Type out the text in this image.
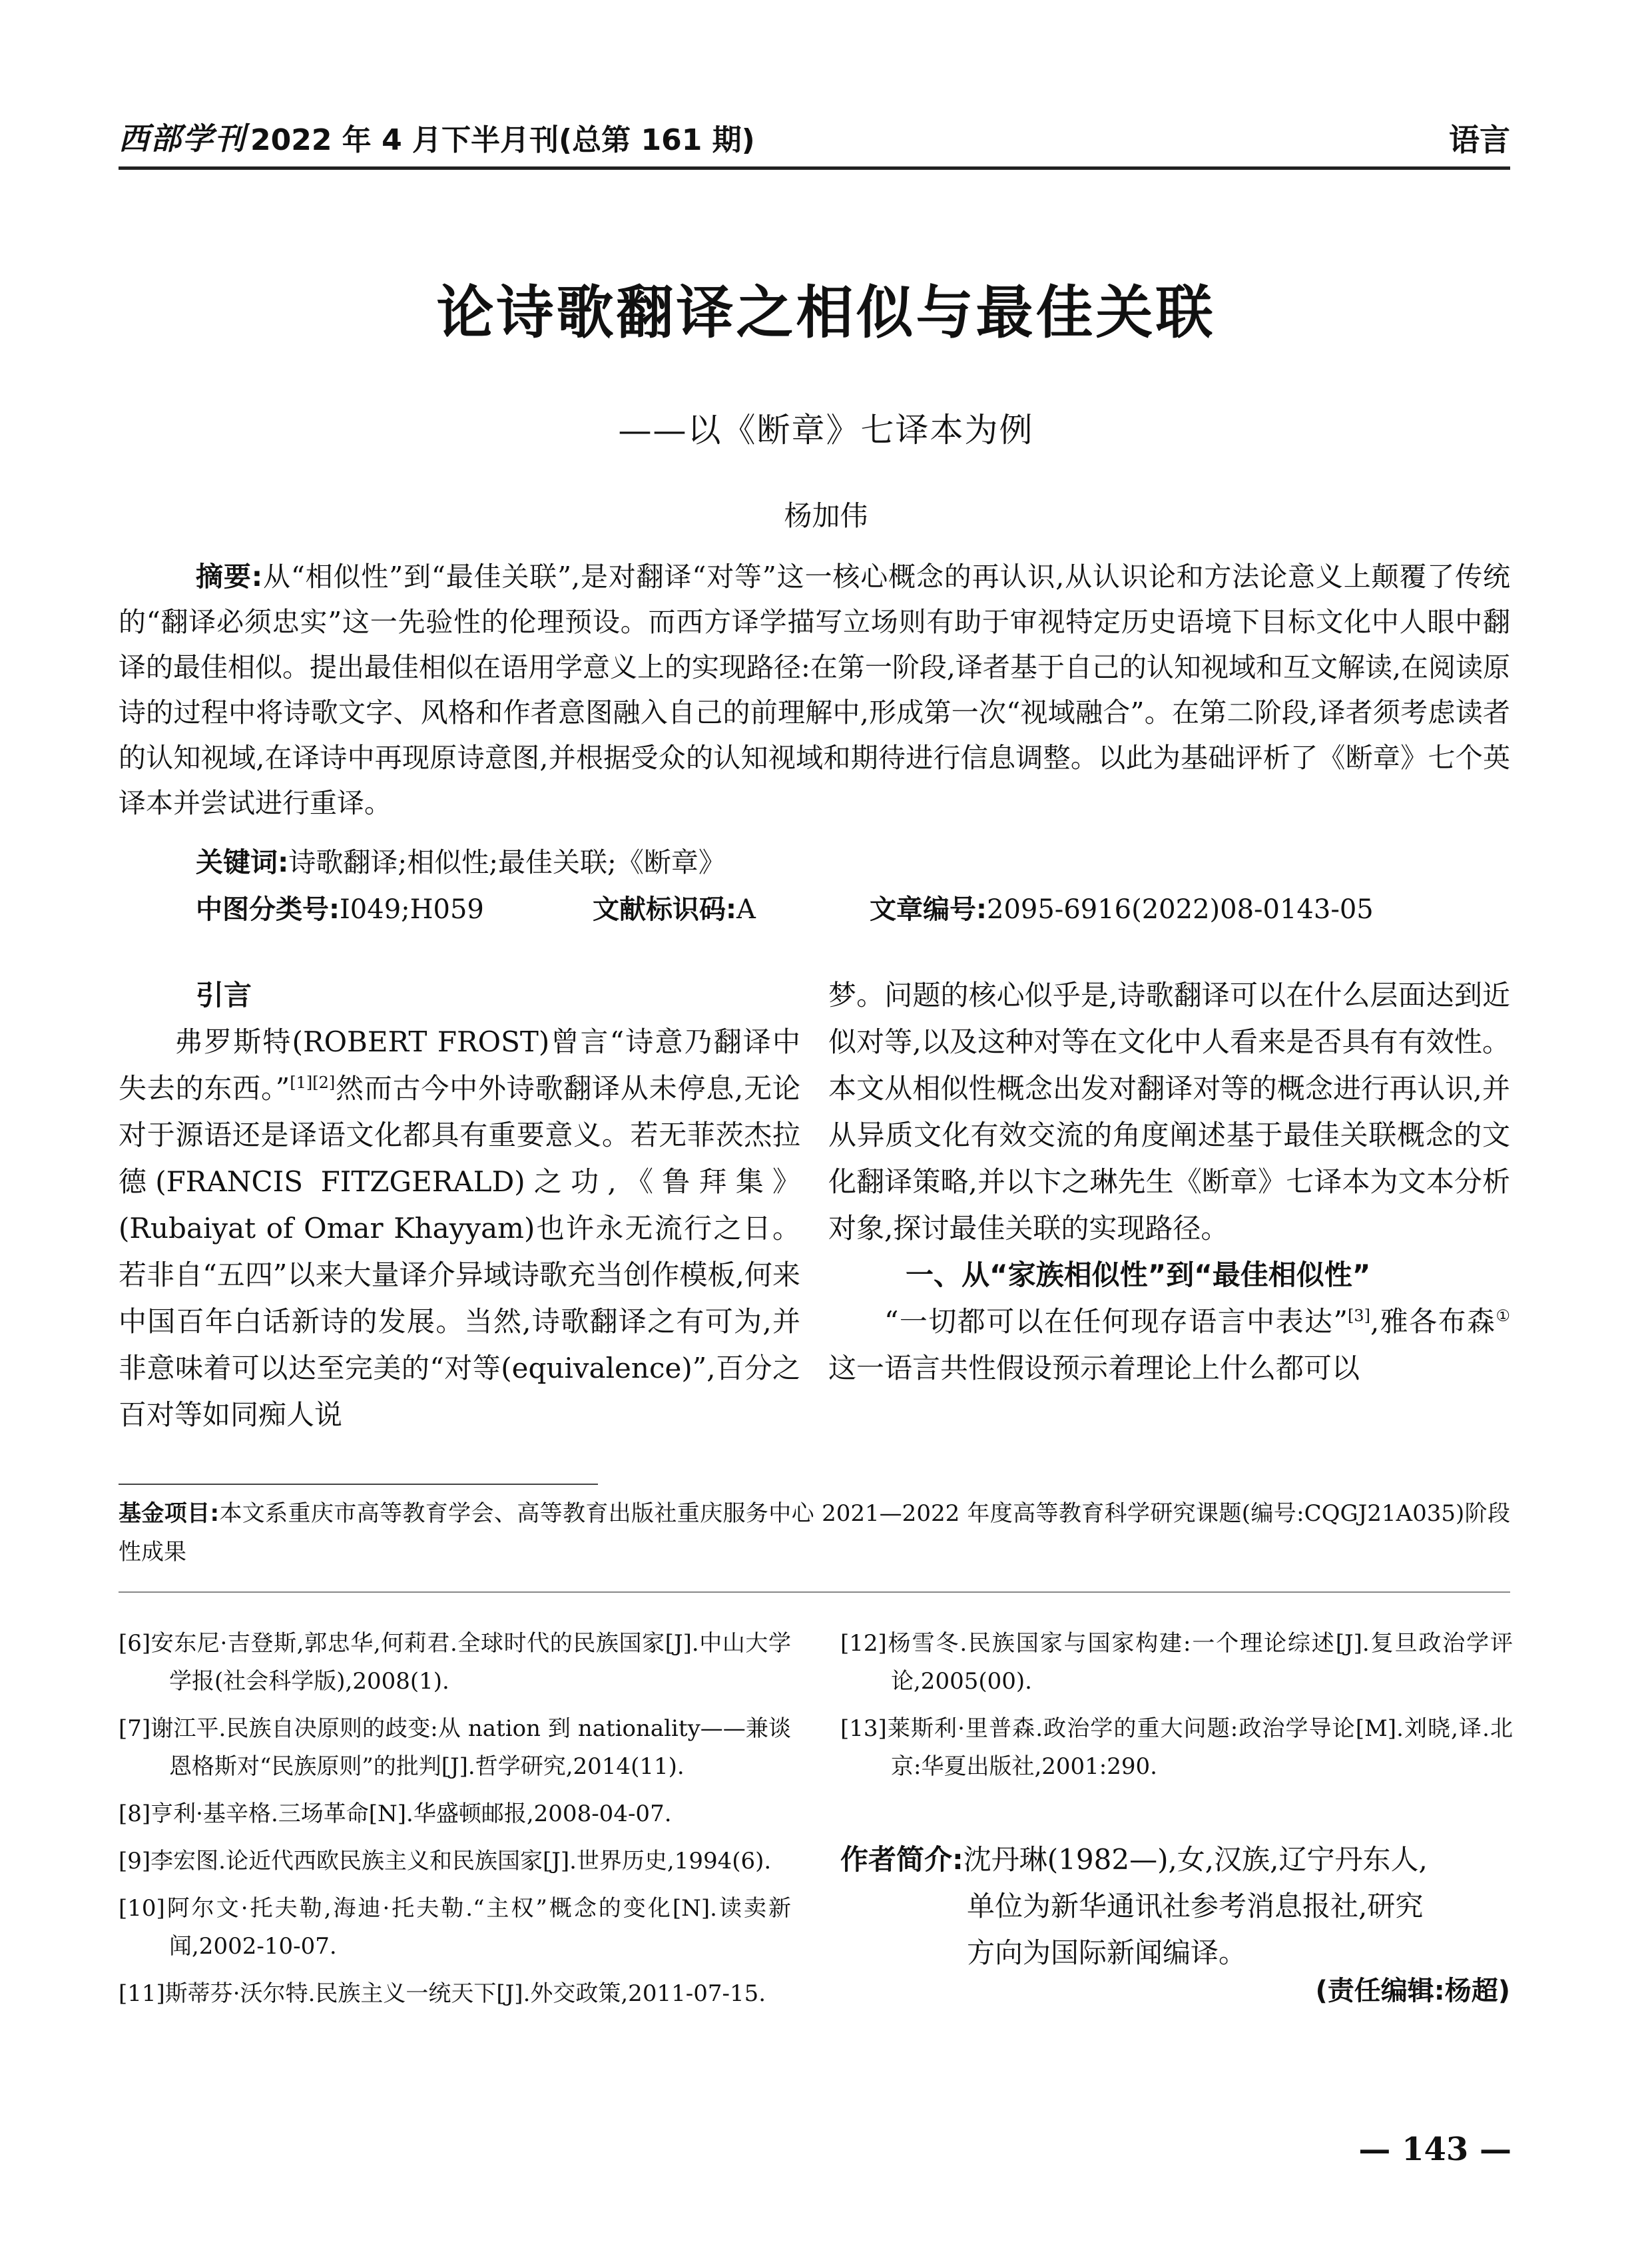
西部学刊 2022 年 4 月下半月刊(总第 161 期)	语言
论诗歌翻译之相似与最佳关联
——以《断章》七译本为例
杨加伟
摘要:从“相似性”到“最佳关联”,是对翻译“对等”这一核心概念的再认识,从认识论和方法论意义上颠覆了传统的“翻译必须忠实”这一先验性的伦理预设。而西方译学描写立场则有助于审视特定历史语境下目标文化中人眼中翻译的最佳相似。提出最佳相似在语用学意义上的实现路径:在第一阶段,译者基于自己的认知视域和互文解读,在阅读原诗的过程中将诗歌文字、风格和作者意图融入自己的前理解中,形成第一次“视域融合”。在第二阶段,译者须考虑读者的认知视域,在译诗中再现原诗意图,并根据受众的认知视域和期待进行信息调整。以此为基础评析了《断章》七个英译本并尝试进行重译。
关键词:诗歌翻译;相似性;最佳关联;《断章》
中图分类号:I049;H059	文献标识码:A	文章编号:2095-6916(2022)08-0143-05
引言

弗罗斯特(ROBERT FROST)曾言“诗意乃翻译中失去的东西。”[1][2]然而古今中外诗歌翻译从未停息,无论对于源语还是译语文化都具有重要意义。若无菲茨杰拉德(FRANCIS FITZGERALD)之功,《鲁拜集》(Rubaiyat of Omar Khayyam)也许永无流行之日。若非自“五四”以来大量译介异域诗歌充当创作模板,何来中国百年白话新诗的发展。当然,诗歌翻译之有可为,并非意味着可以达至完美的“对等(equivalence)”,百分之百对等如同痴人说

梦。问题的核心似乎是,诗歌翻译可以在什么层面达到近似对等,以及这种对等在文化中人看来是否具有有效性。本文从相似性概念出发对翻译对等的概念进行再认识,并从异质文化有效交流的角度阐述基于最佳关联概念的文化翻译策略,并以卞之琳先生《断章》七译本为文本分析对象,探讨最佳关联的实现路径。

一、从“家族相似性”到“最佳相似性”

“一切都可以在任何现存语言中表达”[3],雅各布森①这一语言共性假设预示着理论上什么都可以

基金项目:本文系重庆市高等教育学会、高等教育出版社重庆服务中心 2021—2022 年度高等教育科学研究课题(编号:CQGJ21A035)阶段性成果
[6]安东尼·吉登斯,郭忠华,何莉君.全球时代的民族国家[J].中山大学学报(社会科学版),2008(1).
[7]谢江平.民族自决原则的歧变:从 nation 到 nationality——兼谈恩格斯对“民族原则”的批判[J].哲学研究,2014(11).
[8]亨利·基辛格.三场革命[N].华盛顿邮报,2008-04-07.
[9]李宏图.论近代西欧民族主义和民族国家[J].世界历史,1994(6).
[10]阿尔文·托夫勒,海迪·托夫勒.“主权”概念的变化[N].读卖新闻,2002-10-07.
[11]斯蒂芬·沃尔特.民族主义一统天下[J].外交政策,2011-07-15.
[12]杨雪冬.民族国家与国家构建:一个理论综述[J].复旦政治学评论,2005(00).
[13]莱斯利·里普森.政治学的重大问题:政治学导论[M].刘晓,译.北京:华夏出版社,2001:290.
作者简介:沈丹琳(1982—),女,汉族,辽宁丹东人,
单位为新华通讯社参考消息报社,研究
方向为国际新闻编译。
(责任编辑:杨超)
— 143 —
